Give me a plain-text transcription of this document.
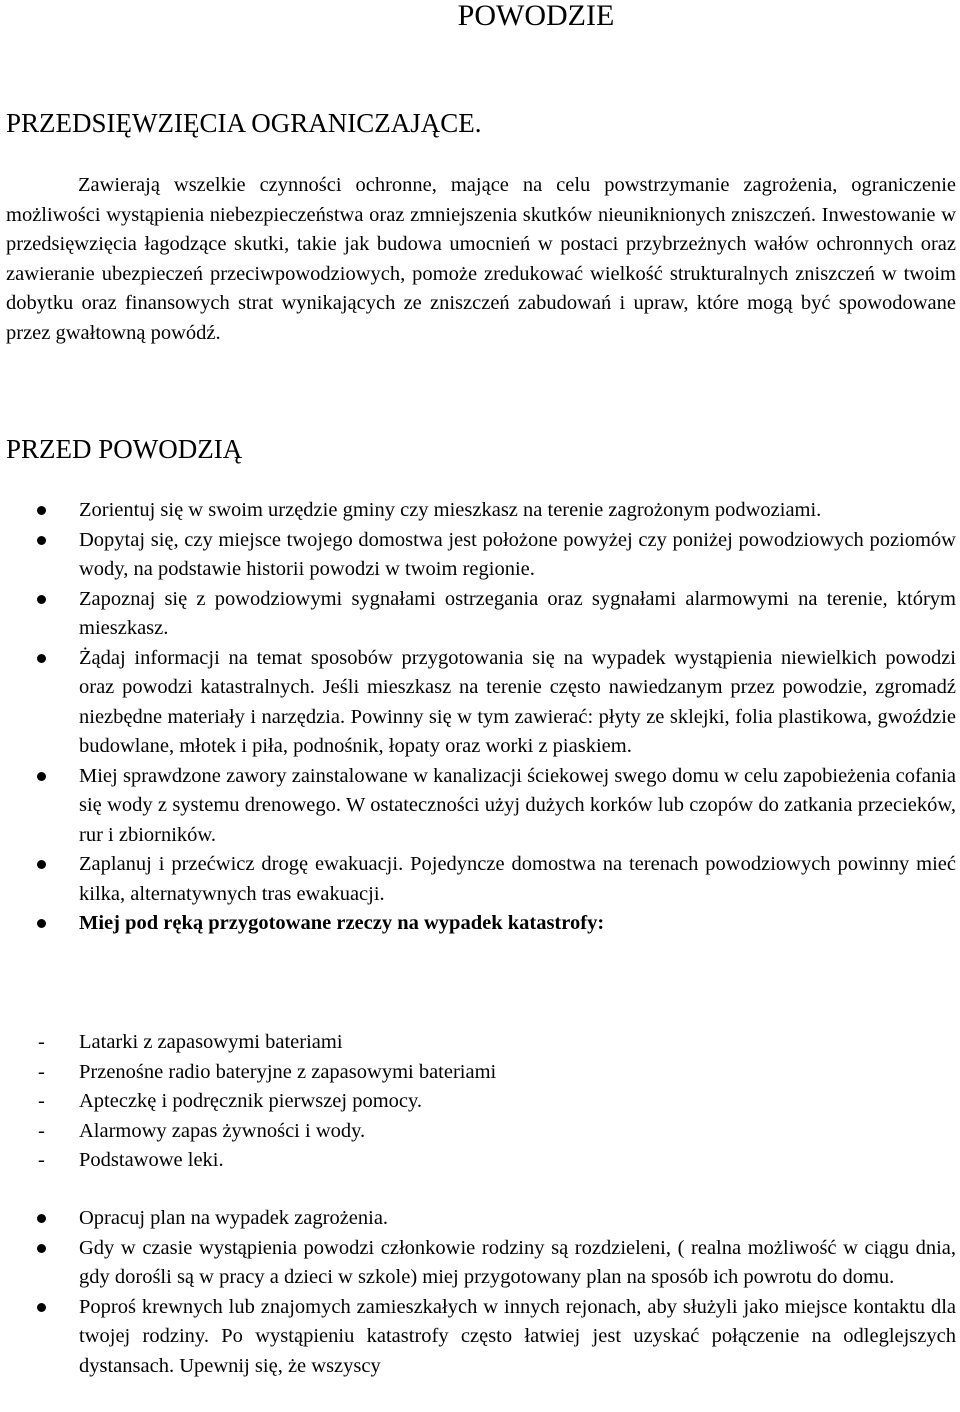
POWODZIE
PRZEDSIĘWZIĘCIA OGRANICZAJĄCE.

Zawierają wszelkie czynności ochronne, mające na celu powstrzymanie zagrożenia, ograniczenie możliwości wystąpienia niebezpieczeństwa oraz zmniejszenia skutków nieuniknionych zniszczeń. Inwestowanie w przedsięwzięcia łagodzące skutki, takie jak budowa umocnień w postaci przybrzeżnych wałów ochronnych oraz zawieranie ubezpieczeń przeciwpowodziowych, pomoże zredukować wielkość strukturalnych zniszczeń w twoim dobytku oraz finansowych strat wynikających ze zniszczeń zabudowań i upraw, które mogą być spowodowane przez gwałtowną powódź.

PRZED POWODZIĄ
Zorientuj się w swoim urzędzie gminy czy mieszkasz na terenie zagrożonym podwoziami.
Dopytaj się, czy miejsce twojego domostwa jest położone powyżej czy poniżej powodziowych poziomów wody, na podstawie historii powodzi w twoim regionie.
Zapoznaj się z powodziowymi sygnałami ostrzegania oraz sygnałami alarmowymi na terenie, którym mieszkasz.
Żądaj informacji na temat sposobów przygotowania się na wypadek wystąpienia niewielkich powodzi oraz powodzi katastralnych. Jeśli mieszkasz na terenie często nawiedzanym przez powodzie, zgromadź niezbędne materiały i narzędzia. Powinny się w tym zawierać: płyty ze sklejki, folia plastikowa, gwoździe budowlane, młotek i piła, podnośnik, łopaty oraz worki z piaskiem.
Miej sprawdzone zawory zainstalowane w kanalizacji ściekowej swego domu w celu zapobieżenia cofania się wody z systemu drenowego. W ostateczności użyj dużych korków lub czopów do zatkania przecieków, rur i zbiorników.
Zaplanuj i przećwicz drogę ewakuacji. Pojedyncze domostwa na terenach powodziowych powinny mieć kilka, alternatywnych tras ewakuacji.
Miej pod ręką przygotowane rzeczy na wypadek katastrofy:
- Latarki z zapasowymi bateriami
- Przenośne radio bateryjne z zapasowymi bateriami
- Apteczkę i podręcznik pierwszej pomocy.
- Alarmowy zapas żywności i wody.
- Podstawowe leki.
Opracuj plan na wypadek zagrożenia.
Gdy w czasie wystąpienia powodzi członkowie rodziny są rozdzieleni, ( realna możliwość w ciągu dnia, gdy dorośli są w pracy a dzieci w szkole) miej przygotowany plan na sposób ich powrotu do domu.
Poproś krewnych lub znajomych zamieszkałych w innych rejonach, aby służyli jako miejsce kontaktu dla twojej rodziny. Po wystąpieniu katastrofy często łatwiej jest uzyskać połączenie na odleglejszych dystansach. Upewnij się, że wszyscy
